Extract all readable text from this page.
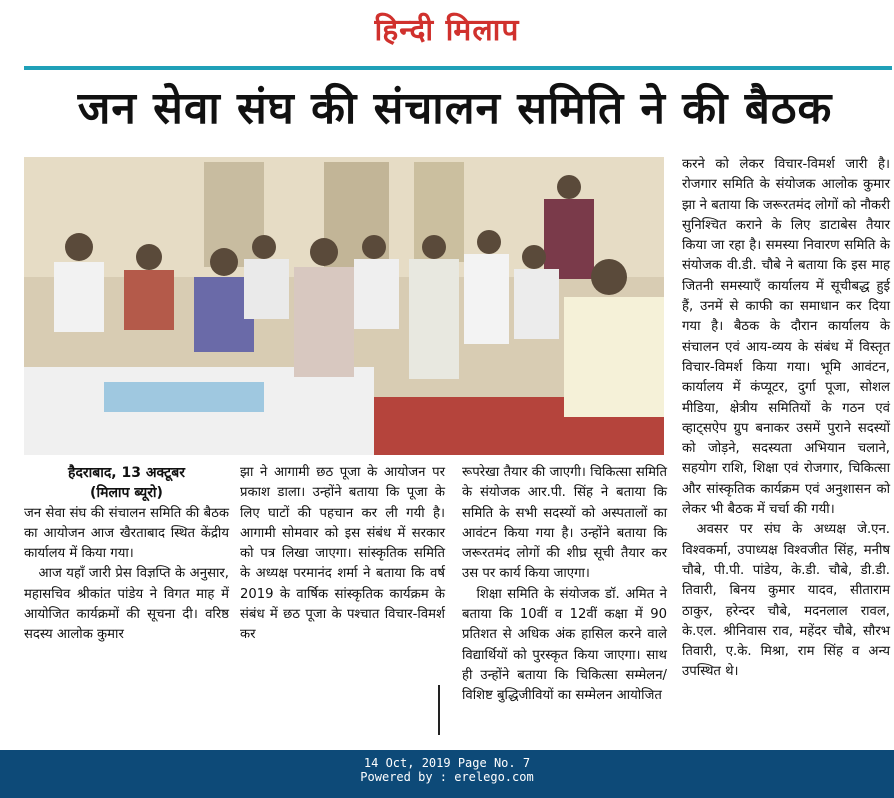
हिन्दी मिलाप
जन सेवा संघ की संचालन समिति ने की बैठक

हैदराबाद, 13 अक्टूबर

(मिलाप ब्यूरो)

जन सेवा संघ की संचालन समिति की बैठक का आयोजन आज खैरताबाद स्थित केंद्रीय कार्यालय में किया गया।

आज यहाँ जारी प्रेस विज्ञप्ति के अनुसार, महासचिव श्रीकांत पांडेय ने विगत माह में आयोजित कार्यक्रमों की सूचना दी। वरिष्ठ सदस्य आलोक कुमार

झा ने आगामी छठ पूजा के आयोजन पर प्रकाश डाला। उन्होंने बताया कि पूजा के लिए घाटों की पहचान कर ली गयी है। आगामी सोमवार को इस संबंध में सरकार को पत्र लिखा जाएगा। सांस्कृतिक समिति के अध्यक्ष परमानंद शर्मा ने बताया कि वर्ष 2019 के वार्षिक सांस्कृतिक कार्यक्रम के संबंध में छठ पूजा के पश्चात विचार-विमर्श कर

रूपरेखा तैयार की जाएगी। चिकित्सा समिति के संयोजक आर.पी. सिंह ने बताया कि समिति के सभी सदस्यों को अस्पतालों का आवंटन किया गया है। उन्होंने बताया कि जरूरतमंद लोगों की शीघ्र सूची तैयार कर उस पर कार्य किया जाएगा।

शिक्षा समिति के संयोजक डॉ. अमित ने बताया कि 10वीं व 12वीं कक्षा में 90 प्रतिशत से अधिक अंक हासिल करने वाले विद्यार्थियों को पुरस्कृत किया जाएगा। साथ ही उन्होंने बताया कि चिकित्सा सम्मेलन/विशिष्ट बुद्धिजीवियों का सम्मेलन आयोजित

करने को लेकर विचार-विमर्श जारी है। रोजगार समिति के संयोजक आलोक कुमार झा ने बताया कि जरूरतमंद लोगों को नौकरी सुनिश्चित कराने के लिए डाटाबेस तैयार किया जा रहा है। समस्या निवारण समिति के संयोजक वी.डी. चौबे ने बताया कि इस माह जितनी समस्याएँ कार्यालय में सूचीबद्ध हुई हैं, उनमें से काफी का समाधान कर दिया गया है। बैठक के दौरान कार्यालय के संचालन एवं आय-व्यय के संबंध में विस्तृत विचार-विमर्श किया गया। भूमि आवंटन, कार्यालय में कंप्यूटर, दुर्गा पूजा, सोशल मीडिया, क्षेत्रीय समितियों के गठन एवं व्हाट्सऐप ग्रुप बनाकर उसमें पुराने सदस्यों को जोड़ने, सदस्यता अभियान चलाने, सहयोग राशि, शिक्षा एवं रोजगार, चिकित्सा और सांस्कृतिक कार्यक्रम एवं अनुशासन को लेकर भी बैठक में चर्चा की गयी।

अवसर पर संघ के अध्यक्ष जे.एन. विश्वकर्मा, उपाध्यक्ष विश्वजीत सिंह, मनीष चौबे, पी.पी. पांडेय, के.डी. चौबे, डी.डी. तिवारी, बिनय कुमार यादव, सीताराम ठाकुर, हरेन्दर चौबे, मदनलाल रावल, के.एल. श्रीनिवास राव, महेंदर चौबे, सौरभ तिवारी, ए.के. मिश्रा, राम सिंह व अन्य उपस्थित थे।

14 Oct, 2019 Page No. 7
Powered by : erelego.com
